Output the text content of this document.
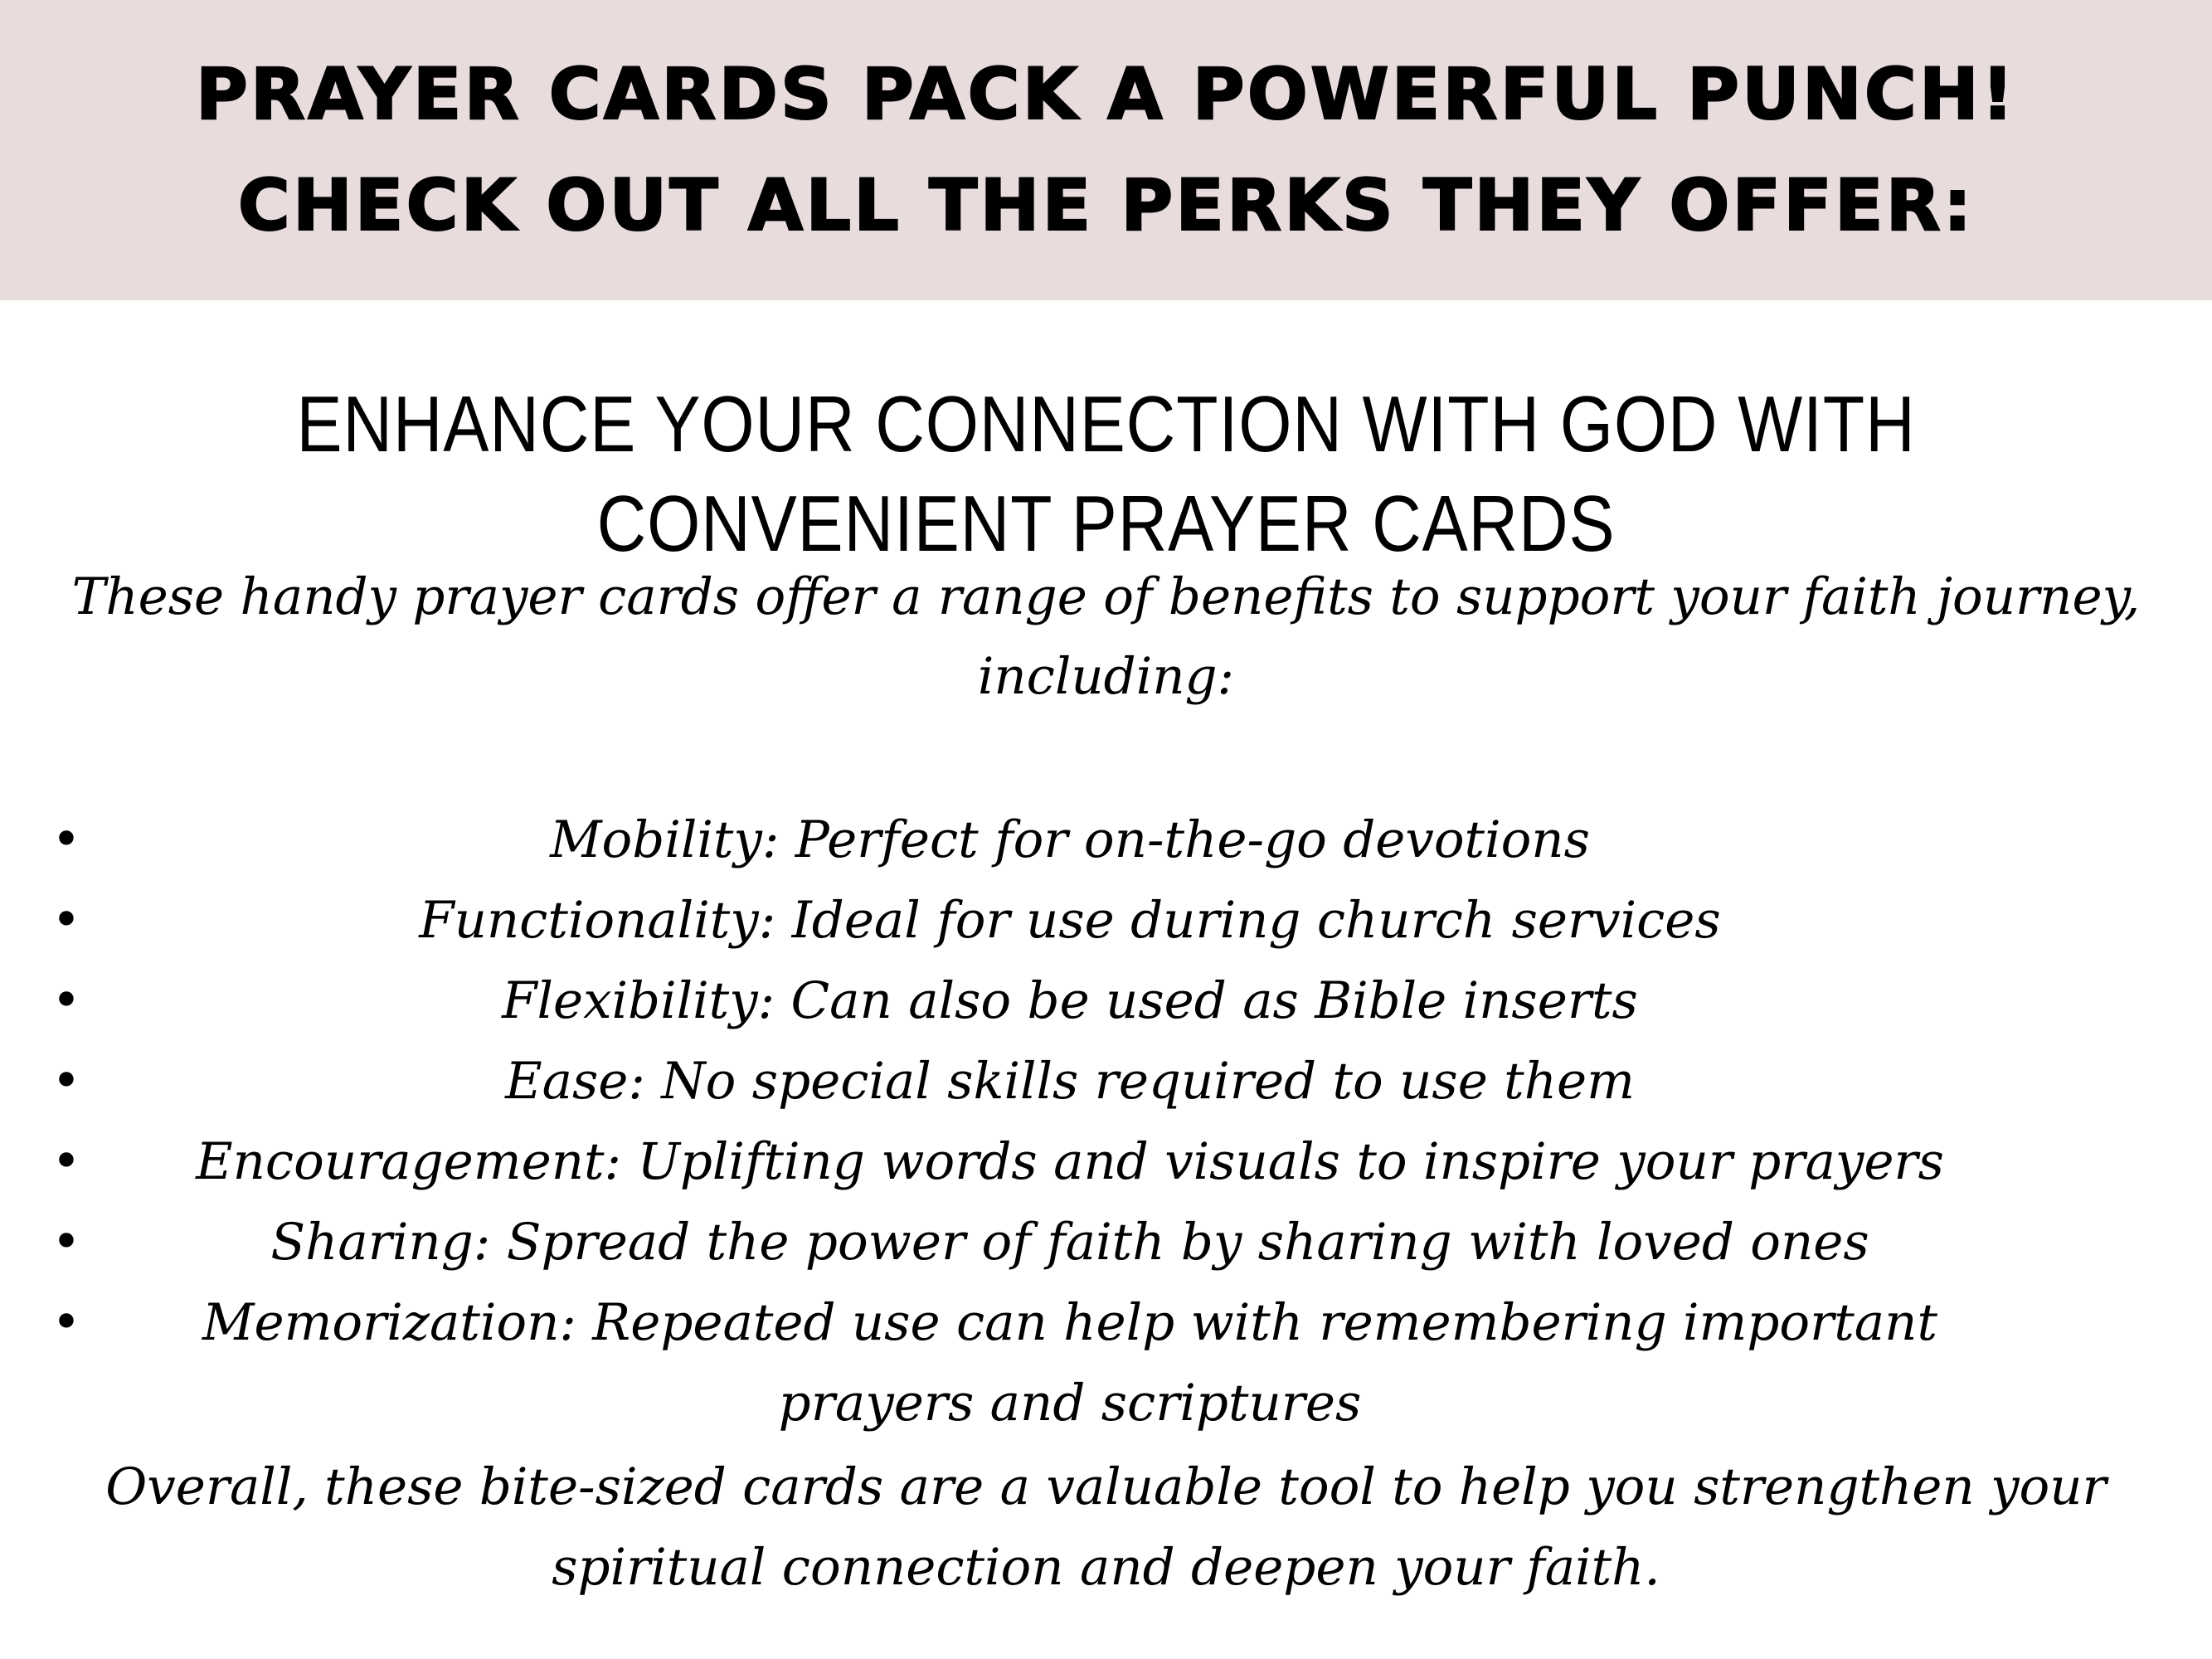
PRAYER CARDS PACK A POWERFUL PUNCH! CHECK OUT ALL THE PERKS THEY OFFER:
ENHANCE YOUR CONNECTION WITH GOD WITH CONVENIENT PRAYER CARDS

These handy prayer cards offer a range of benefits to support your faith journey, including:

•	Mobility: Perfect for on-the-go devotions
•	Functionality: Ideal for use during church services
•	Flexibility: Can also be used as Bible inserts
•	Ease: No special skills required to use them
•	Encouragement: Uplifting words and visuals to inspire your prayers
•	Sharing: Spread the power of faith by sharing with loved ones
•	Memorization: Repeated use can help with remembering important prayers and scriptures

Overall, these bite-sized cards are a valuable tool to help you strengthen your spiritual connection and deepen your faith.
